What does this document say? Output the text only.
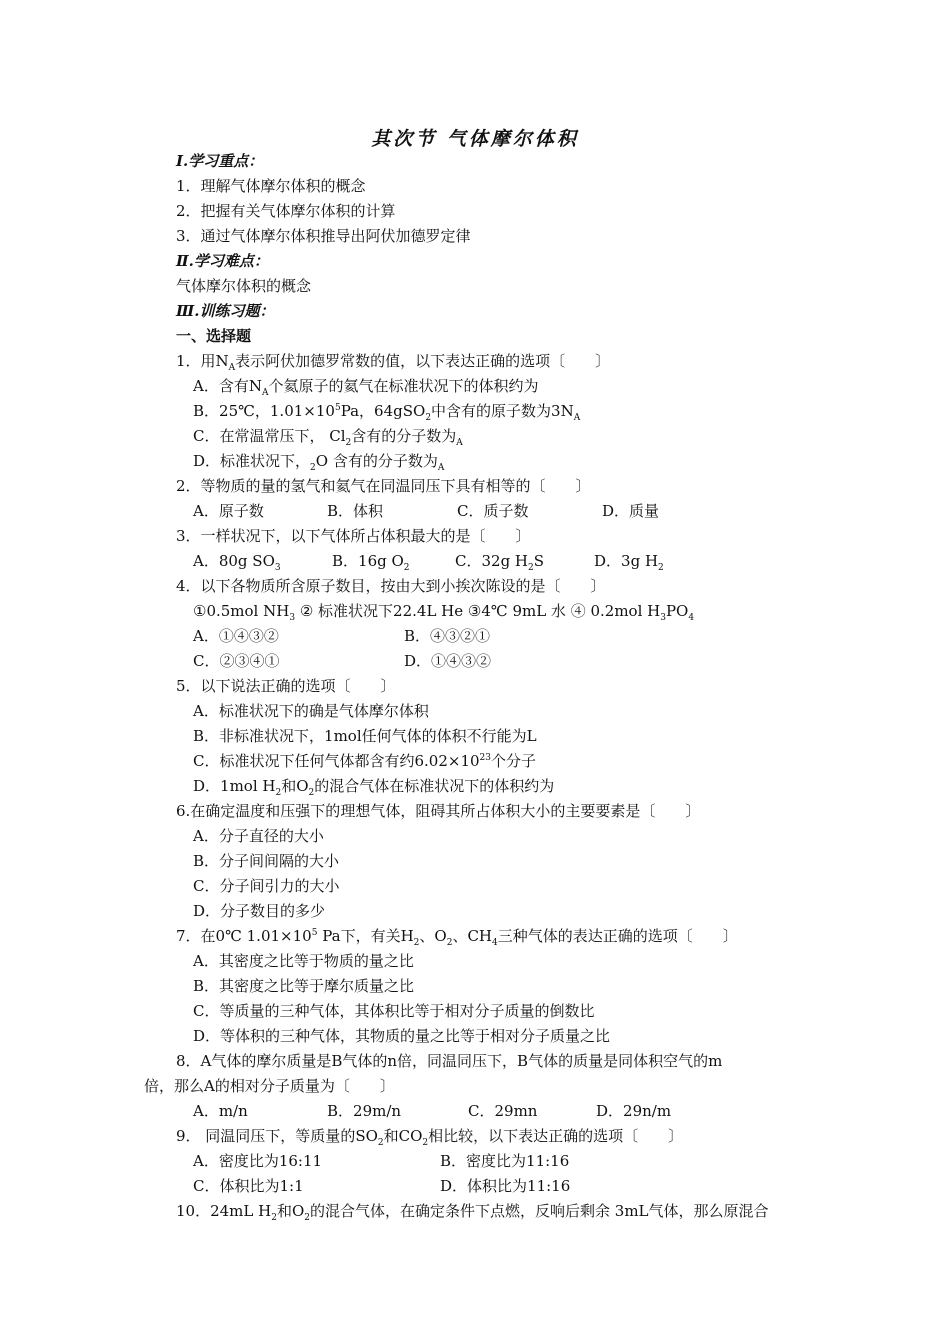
其次节 气体摩尔体积
Ⅰ.学习重点：
1．理解气体摩尔体积的概念
2．把握有关气体摩尔体积的计算
3．通过气体摩尔体积推导出阿伏加德罗定律
Ⅱ.学习难点：
气体摩尔体积的概念
Ⅲ.训练习题：
一、选择题
1．用$N_A$表示阿伏加德罗常数的值，以下表达正确的选项〔　　〕
A．含有$N_A$个氦原子的氦气在标准状况下的体积约为
B．25℃，$1.01\times 10^5Pa$，64gSO$_2$中含有的原子数为$3N_A$
C．在常温常压下， $Cl_2$含有的分子数为$_A$
D．标准状况下，$_2$O 含有的分子数为$_A$
2．等物质的量的氢气和氦气在同温同压下具有相等的〔　　〕
A．原子数	B．体积	C．质子数	D．质量
3．一样状况下，以下气体所占体积最大的是〔　　〕
A．80g $SO_3$	B．16g $O_2$	C．32g $H_2S$	D．3g $H_2$
4．以下各物质所含原子数目，按由大到小挨次陈设的是〔　　〕
①0.5mol $NH_3$ ② 标准状况下22.4L He ③4℃ 9mL 水 ④ 0.2mol $H_3PO_4$
A．①④③②	B．④③②①
C．②③④①	D．①④③②
5．以下说法正确的选项〔　　〕
A．标准状况下的确是气体摩尔体积
B．非标准状况下，1mol任何气体的体积不行能为L
C．标准状况下任何气体都含有约$6.02\times 10^{23}$个分子
D．1mol $H_2$和$O_2$的混合气体在标准状况下的体积约为
6.在确定温度和压强下的理想气体，阻碍其所占体积大小的主要要素是〔　　〕
A．分子直径的大小
B．分子间间隔的大小
C．分子间引力的大小
D．分子数目的多少
7．在0℃ $1.01\times 10^5$ Pa下，有关$H_2$、$O_2$、$CH_4$三种气体的表达正确的选项〔　　〕
A．其密度之比等于物质的量之比
B．其密度之比等于摩尔质量之比
C．等质量的三种气体，其体积比等于相对分子质量的倒数比
D．等体积的三种气体，其物质的量之比等于相对分子质量之比
8．A气体的摩尔质量是B气体的n倍，同温同压下，B气体的质量是同体积空气的m
倍，那么A的相对分子质量为〔　　〕
A．m/n	B．29m/n	C．29mn	D．29n/m
9． 同温同压下，等质量的$SO_2$和$CO_2$相比较，以下表达正确的选项〔　　〕
A．密度比为16:11	B．密度比为11:16
C．体积比为1:1	D．体积比为11:16
10．24mL $H_2$和$O_2$的混合气体，在确定条件下点燃，反响后剩余 3mL气体，那么原混合
